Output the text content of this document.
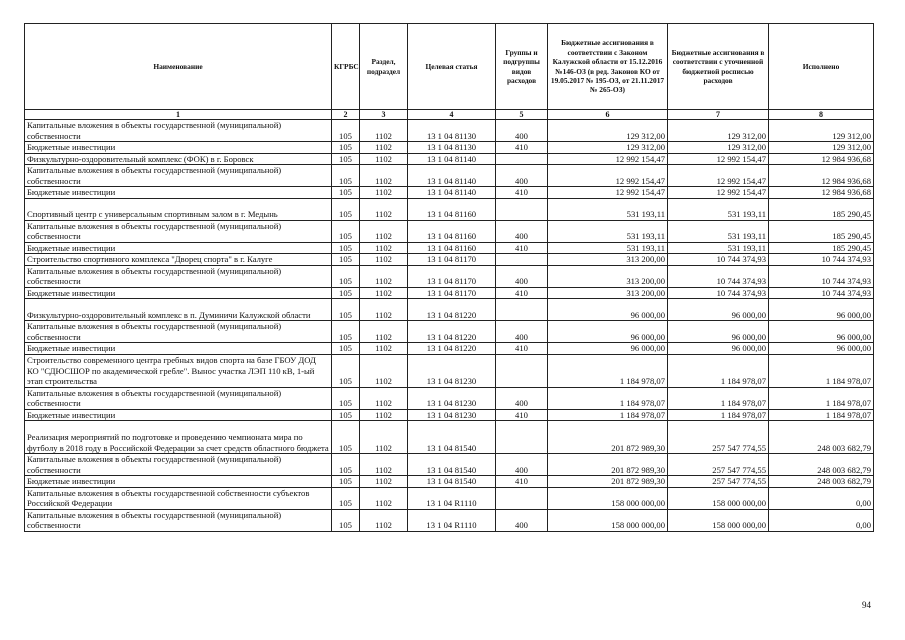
Наименование	КГРБС	Раздел, подраздел	Целевая статья	Группы и подгруппы видов расходов	Бюджетные ассигнования в соответствии с Законом Калужской области от 15.12.2016 №146-ОЗ (в ред. Законов КО от 19.05.2017 № 195-ОЗ, от 21.11.2017 № 265-ОЗ)	Бюджетные ассигнования в соответствии с уточненной бюджетной росписью расходов	Исполнено
1	2	3	4	5	6	7	8
Капитальные вложения в объекты государственной (муниципальной) собственности	105	1102	13 1 04 81130	400	129 312,00	129 312,00	129 312,00
Бюджетные инвестиции	105	1102	13 1 04 81130	410	129 312,00	129 312,00	129 312,00
Физкультурно-оздоровительный комплекс (ФОК) в г. Боровск	105	1102	13 1 04 81140		12 992 154,47	12 992 154,47	12 984 936,68
Капитальные вложения в объекты государственной (муниципальной) собственности	105	1102	13 1 04 81140	400	12 992 154,47	12 992 154,47	12 984 936,68
Бюджетные инвестиции	105	1102	13 1 04 81140	410	12 992 154,47	12 992 154,47	12 984 936,68
Спортивный центр с универсальным спортивным залом в г. Медынь	105	1102	13 1 04 81160		531 193,11	531 193,11	185 290,45
Капитальные вложения в объекты государственной (муниципальной) собственности	105	1102	13 1 04 81160	400	531 193,11	531 193,11	185 290,45
Бюджетные инвестиции	105	1102	13 1 04 81160	410	531 193,11	531 193,11	185 290,45
Строительство спортивного комплекса "Дворец спорта" в г. Калуге	105	1102	13 1 04 81170		313 200,00	10 744 374,93	10 744 374,93
Капитальные вложения в объекты государственной (муниципальной) собственности	105	1102	13 1 04 81170	400	313 200,00	10 744 374,93	10 744 374,93
Бюджетные инвестиции	105	1102	13 1 04 81170	410	313 200,00	10 744 374,93	10 744 374,93
Физкультурно-оздоровительный комплекс в п. Думиничи Калужской области	105	1102	13 1 04 81220		96 000,00	96 000,00	96 000,00
Капитальные вложения в объекты государственной (муниципальной) собственности	105	1102	13 1 04 81220	400	96 000,00	96 000,00	96 000,00
Бюджетные инвестиции	105	1102	13 1 04 81220	410	96 000,00	96 000,00	96 000,00
Строительство современного центра гребных видов спорта на базе ГБОУ ДОД КО "СДЮСШОР по академической гребле". Вынос участка ЛЭП 110 кВ, 1-ый этап строительства	105	1102	13 1 04 81230		1 184 978,07	1 184 978,07	1 184 978,07
Капитальные вложения в объекты государственной (муниципальной) собственности	105	1102	13 1 04 81230	400	1 184 978,07	1 184 978,07	1 184 978,07
Бюджетные инвестиции	105	1102	13 1 04 81230	410	1 184 978,07	1 184 978,07	1 184 978,07
Реализация мероприятий по подготовке и проведению чемпионата мира по футболу в 2018 году в Российской Федерации за счет средств областного бюджета	105	1102	13 1 04 81540		201 872 989,30	257 547 774,55	248 003 682,79
Капитальные вложения в объекты государственной (муниципальной) собственности	105	1102	13 1 04 81540	400	201 872 989,30	257 547 774,55	248 003 682,79
Бюджетные инвестиции	105	1102	13 1 04 81540	410	201 872 989,30	257 547 774,55	248 003 682,79
Капитальные вложения в объекты государственной собственности субъектов Российской Федерации	105	1102	13 1 04 R1110		158 000 000,00	158 000 000,00	0,00
Капитальные вложения в объекты государственной (муниципальной) собственности	105	1102	13 1 04 R1110	400	158 000 000,00	158 000 000,00	0,00
94
